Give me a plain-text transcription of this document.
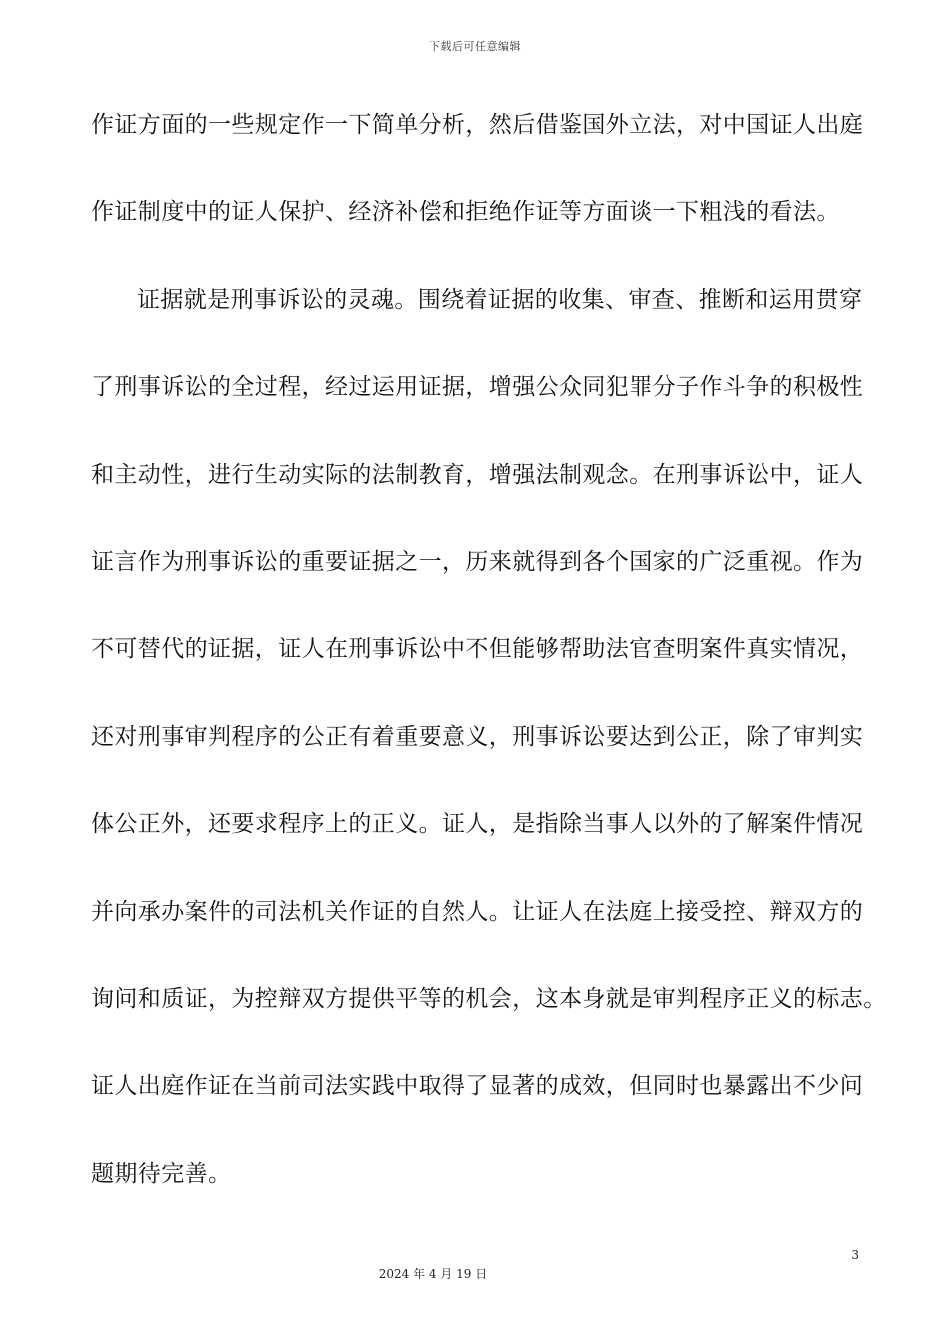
下载后可任意编辑
作证方面的一些规定作一下简单分析，然后借鉴国外立法，对中国证人出庭
作证制度中的证人保护、经济补偿和拒绝作证等方面谈一下粗浅的看法。
证据就是刑事诉讼的灵魂。围绕着证据的收集、审查、推断和运用贯穿
了刑事诉讼的全过程，经过运用证据，增强公众同犯罪分子作斗争的积极性
和主动性，进行生动实际的法制教育，增强法制观念。在刑事诉讼中，证人
证言作为刑事诉讼的重要证据之一，历来就得到各个国家的广泛重视。作为
不可替代的证据，证人在刑事诉讼中不但能够帮助法官查明案件真实情况，
还对刑事审判程序的公正有着重要意义，刑事诉讼要达到公正，除了审判实
体公正外，还要求程序上的正义。证人，是指除当事人以外的了解案件情况
并向承办案件的司法机关作证的自然人。让证人在法庭上接受控、辩双方的
询问和质证，为控辩双方提供平等的机会，这本身就是审判程序正义的标志。
证人出庭作证在当前司法实践中取得了显著的成效，但同时也暴露出不少问
题期待完善。
3
2024 年 4 月 19 日
